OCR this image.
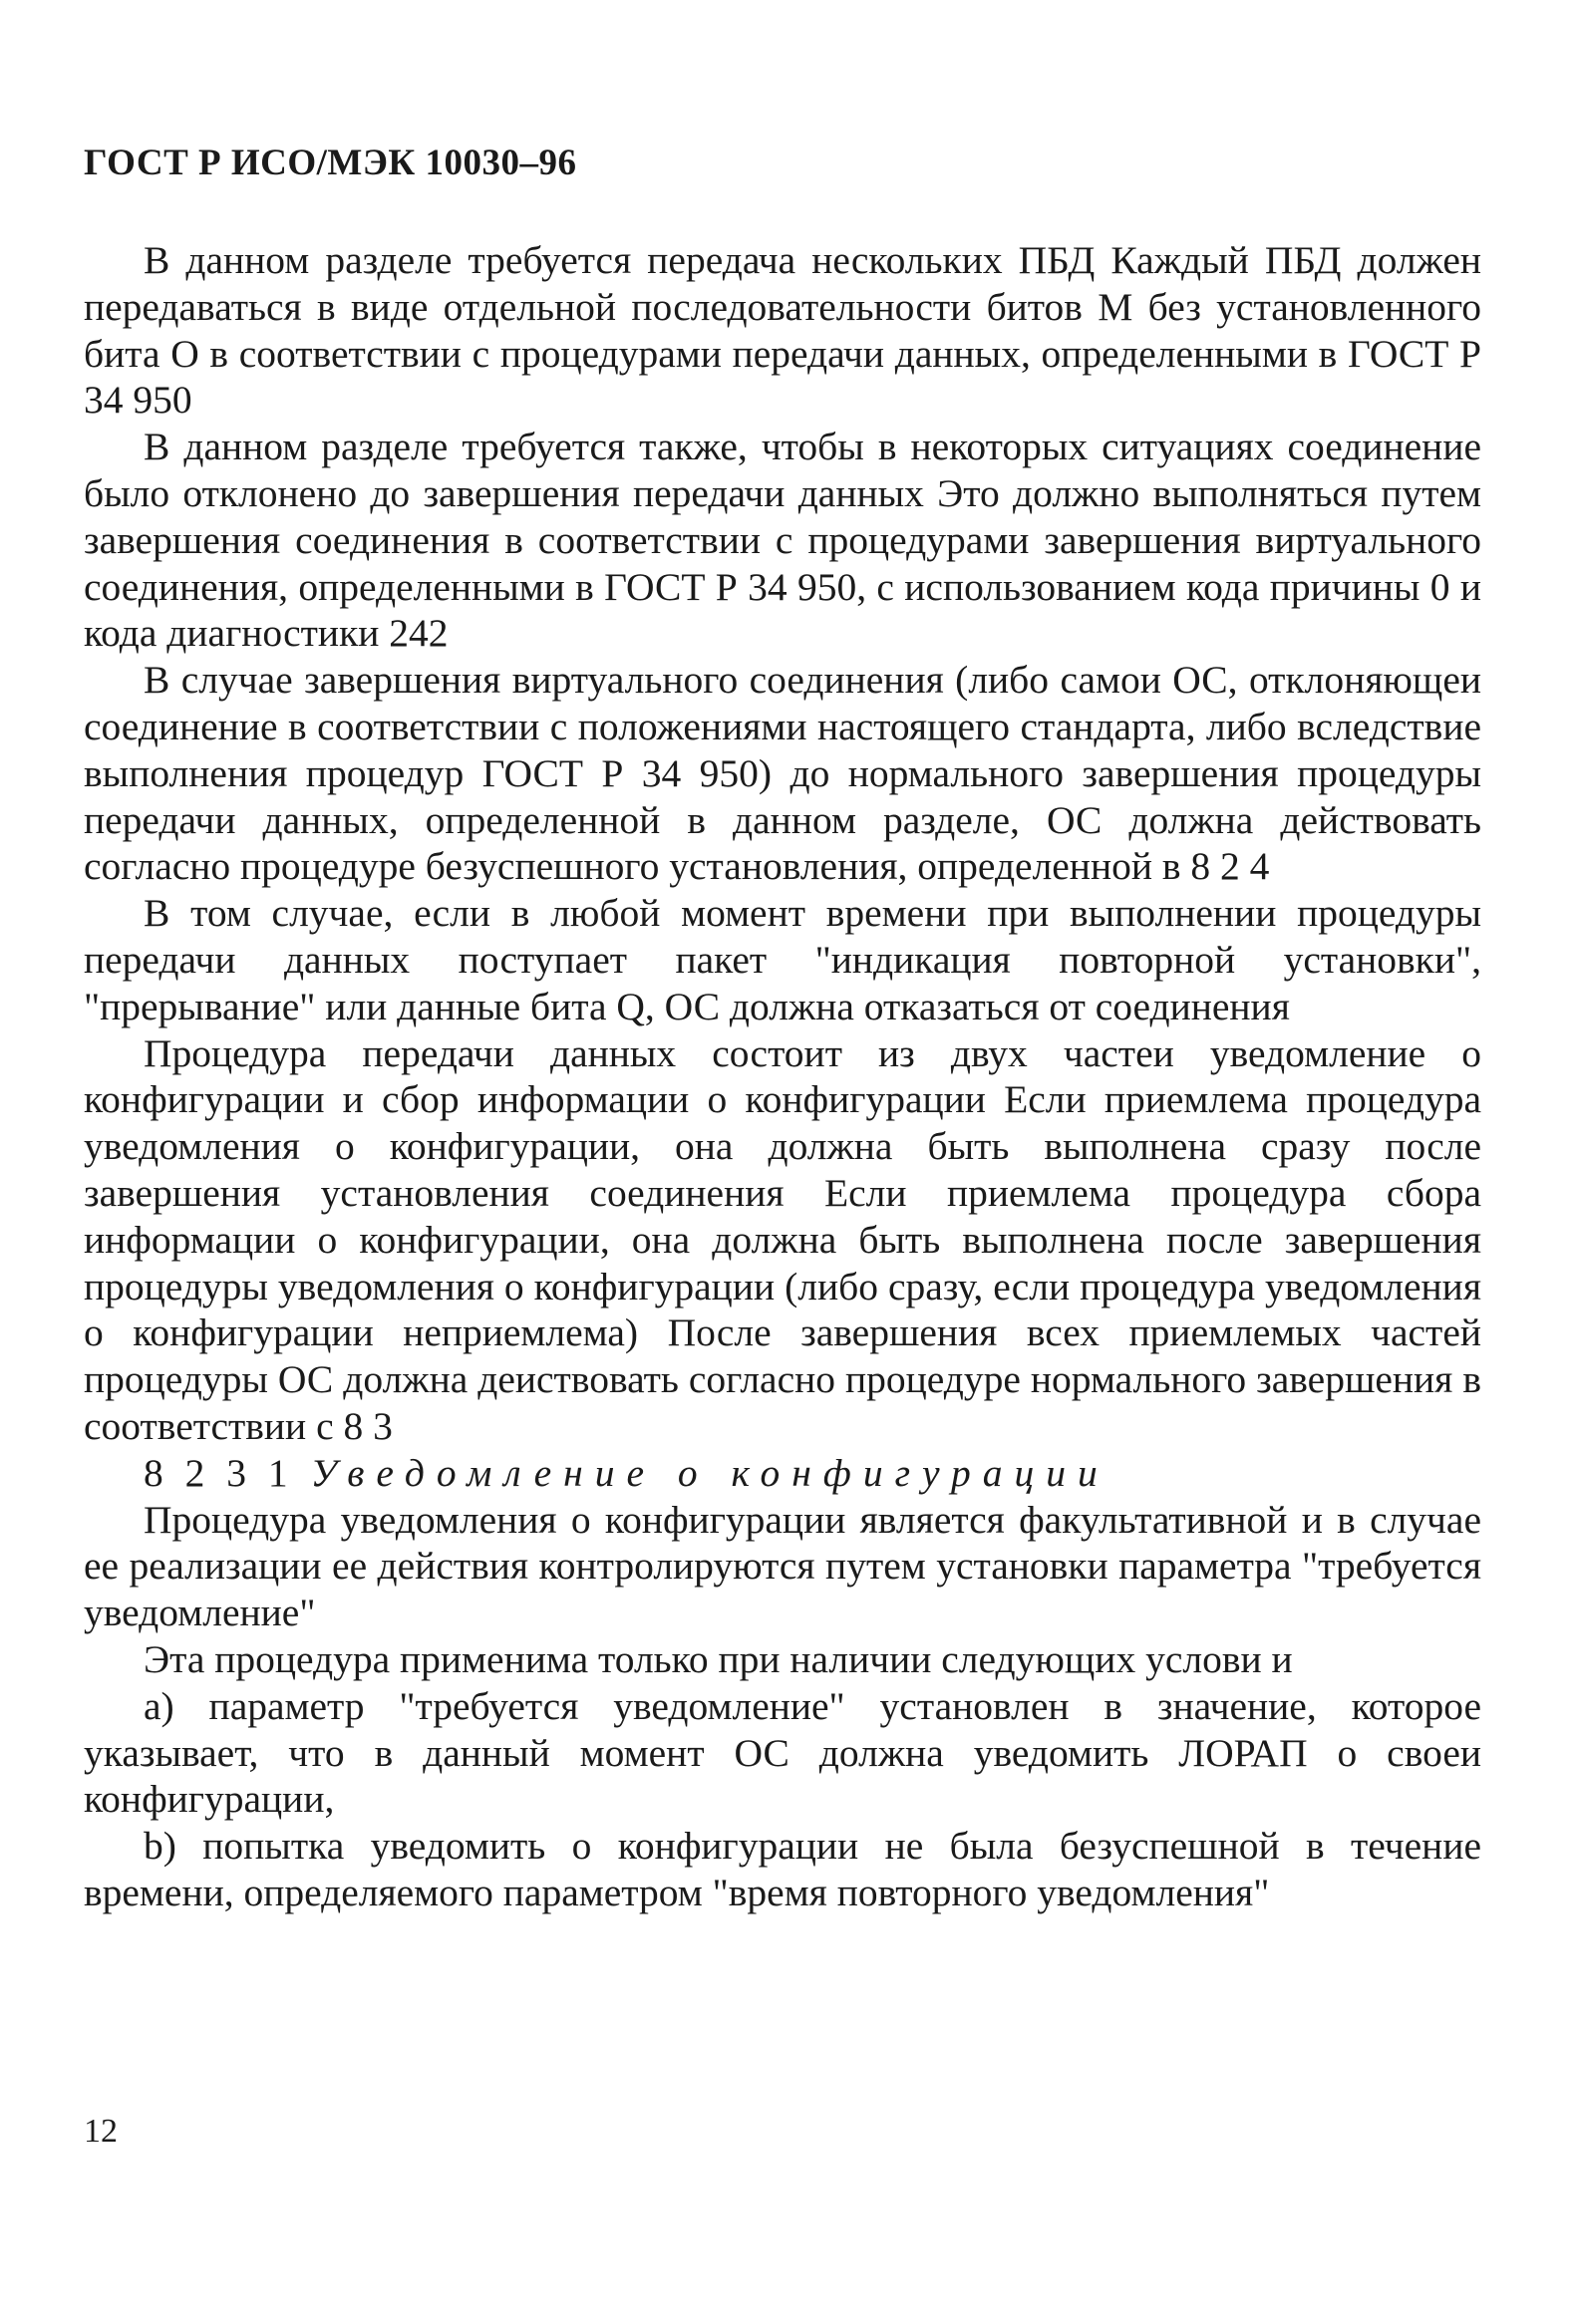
ГОСТ Р ИСО/МЭК 10030–96

В данном разделе требуется передача нескольких ПБД Каждый ПБД должен передаваться в виде отдельной последовательности битов М без установленного бита О в соответствии с процедурами передачи данных, определенными в ГОСТ Р 34 950

В данном разделе требуется также, чтобы в некоторых ситуациях соединение было отклонено до завершения передачи данных Это должно выполняться путем завершения соединения в соответствии с процедурами завершения виртуального соединения, определенными в ГОСТ Р 34 950, с использованием кода причины 0 и кода диагностики 242

В случае завершения виртуального соединения (либо самои ОС, отклоняющеи соединение в соответствии с положениями настоящего стандарта, либо вследствие выполнения процедур ГОСТ Р 34 950) до нормального завершения процедуры передачи данных, определенной в данном разделе, ОС должна действовать согласно процедуре безуспешного установления, определенной в 8 2 4

В том случае, если в любой момент времени при выполнении процедуры передачи данных поступает пакет "индикация повторной установки", "прерывание" или данные бита Q, ОС должна отказаться от соединения

Процедура передачи данных состоит из двух частеи уведомление о конфигурации и сбор информации о конфигурации Если приемлема процедура уведомления о конфигурации, она должна быть выполнена сразу после завершения установления соединения Если приемлема процедура сбора информации о конфигурации, она должна быть выполнена после завершения процедуры уведомления о конфигурации (либо сразу, если процедура уведомления о конфигурации неприемлема) После завершения всех приемлемых частей процедуры ОС должна деиствовать согласно процедуре нормального завершения в соответствии с 8 3

8 2 3 1 Уведомление о конфигурации

Процедура уведомления о конфигурации является факультативной и в случае ее реализации ее действия контролируются путем установки параметра "требуется уведомление"

Эта процедура применима только при наличии следующих услови и

а) параметр "требуется уведомление" установлен в значение, которое указывает, что в данный момент ОС должна уведомить ЛОРАП о своеи конфигурации,

b) попытка уведомить о конфигурации не была безуспешной в течение времени, определяемого параметром "время повторного уведомления"

12
